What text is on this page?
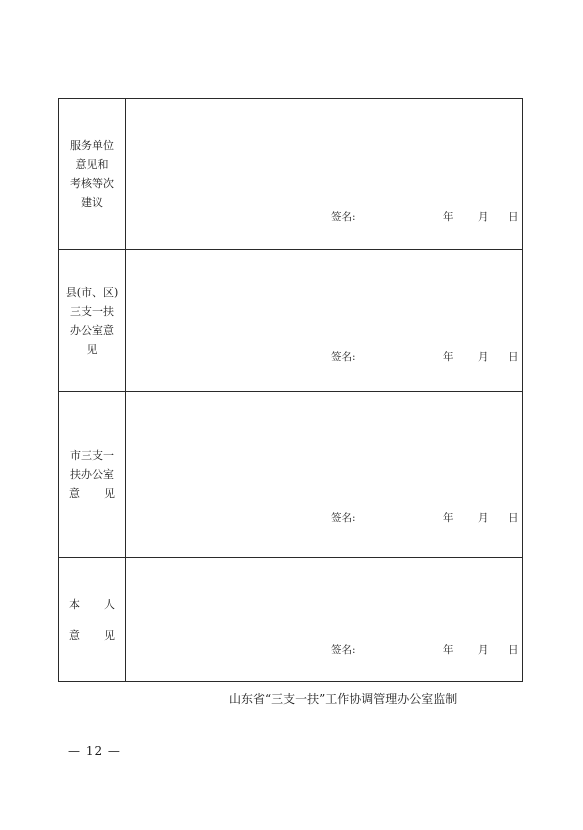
服务单位
意见和
考核等次
建议
签名:	年 月 日
县(市、区)
三支一扶
办公室意
见
签名:	年 月 日
市三支一
扶办公室
意 见
签名:	年 月 日
本 人
意 见
签名:	年 月 日
山东省“三支一扶”工作协调管理办公室监制
— 12 —
